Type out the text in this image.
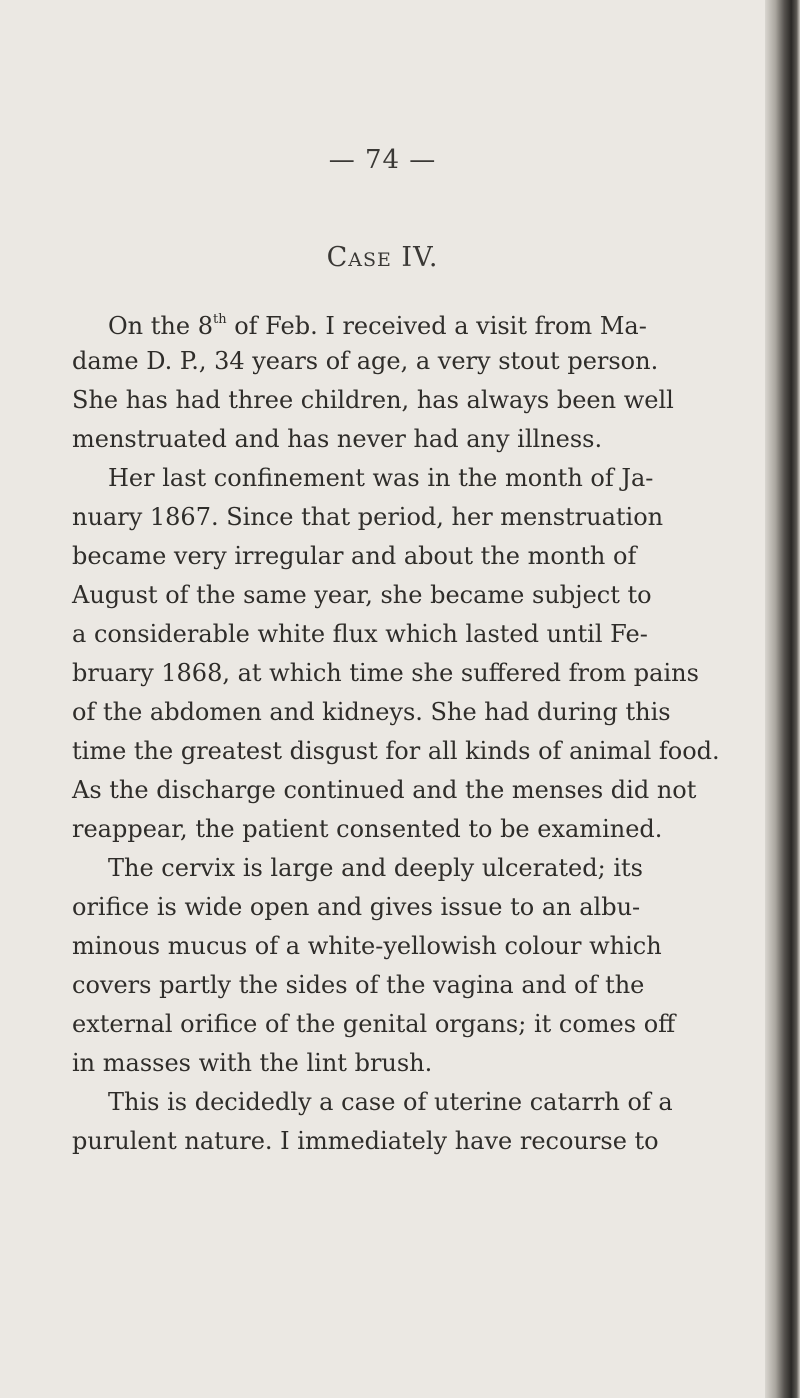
— 74 —
Case IV.
On the 8th of Feb. I received a visit from Ma-
dame D. P., 34 years of age, a very stout person.
She has had three children, has always been well
menstruated and has never had any illness.
Her last confinement was in the month of Ja-
nuary 1867. Since that period, her menstruation
became very irregular and about the month of
August of the same year, she became subject to
a considerable white flux which lasted until Fe-
bruary 1868, at which time she suffered from pains
of the abdomen and kidneys. She had during this
time the greatest disgust for all kinds of animal food.
As the discharge continued and the menses did not
reappear, the patient consented to be examined.
The cervix is large and deeply ulcerated; its
orifice is wide open and gives issue to an albu-
minous mucus of a white-yellowish colour which
covers partly the sides of the vagina and of the
external orifice of the genital organs; it comes off
in masses with the lint brush.
This is decidedly a case of uterine catarrh of a
purulent nature. I immediately have recourse to
